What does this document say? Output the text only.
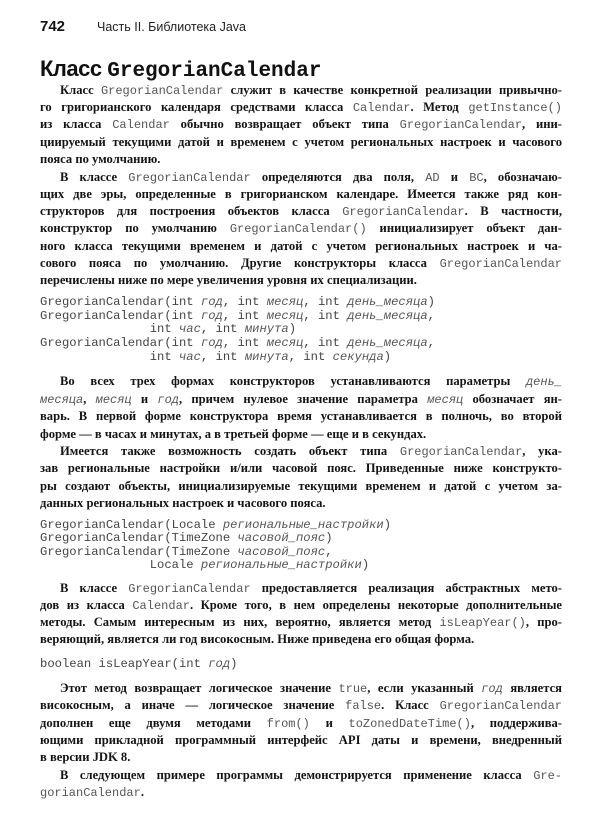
742	Часть II. Библиотека Java
Класс GregorianCalendar
Класс GregorianCalendar служит в качестве конкретной реализации привычно-
го григорианского календаря средствами класса Calendar. Метод getInstance()
из класса Calendar обычно возвращает объект типа GregorianCalendar, ини-
циируемый текущими датой и временем с учетом региональных настроек и часового
пояса по умолчанию.
В классе GregorianCalendar определяются два поля, AD и BC, обозначаю-
щих две эры, определенные в григорианском календаре. Имеется также ряд кон-
структоров для построения объектов класса GregorianCalendar. В частности,
конструктор по умолчанию GregorianCalendar() инициализирует объект дан-
ного класса текущими временем и датой с учетом региональных настроек и ча-
сового пояса по умолчанию. Другие конструкторы класса GregorianCalendar
перечислены ниже по мере увеличения уровня их специализации.
GregorianCalendar(int год, int месяц, int день_месяца)
GregorianCalendar(int год, int месяц, int день_месяца,
int час, int минута)
GregorianCalendar(int год, int месяц, int день_месяца,
int час, int минута, int секунда)
Во всех трех формах конструкторов устанавливаются параметры день_
месяца, месяц и год, причем нулевое значение параметра месяц обозначает ян-
варь. В первой форме конструктора время устанавливается в полночь, во второй
форме — в часах и минутах, а в третьей форме — еще и в секундах.
Имеется также возможность создать объект типа GregorianCalendar, ука-
зав региональные настройки и/или часовой пояс. Приведенные ниже конструкто-
ры создают объекты, инициализируемые текущими временем и датой с учетом за-
данных региональных настроек и часового пояса.
GregorianCalendar(Locale региональные_настройки)
GregorianCalendar(TimeZone часовой_пояс)
GregorianCalendar(TimeZone часовой_пояс,
Locale региональные_настройки)
В классе GregorianCalendar предоставляется реализация абстрактных мето-
дов из класса Calendar. Кроме того, в нем определены некоторые дополнительные
методы. Самым интересным из них, вероятно, является метод isLeapYear(), про-
веряющий, является ли год високосным. Ниже приведена его общая форма.
boolean isLeapYear(int год)
Этот метод возвращает логическое значение true, если указанный год является
високосным, а иначе — логическое значение false. Класс GregorianCalendar
дополнен еще двумя методами from() и toZonedDateTime(), поддержива-
ющими прикладной программный интерфейс API даты и времени, внедренный
в версии JDK 8.
В следующем примере программы демонстрируется применение класса Gre-
gorianCalendar.
